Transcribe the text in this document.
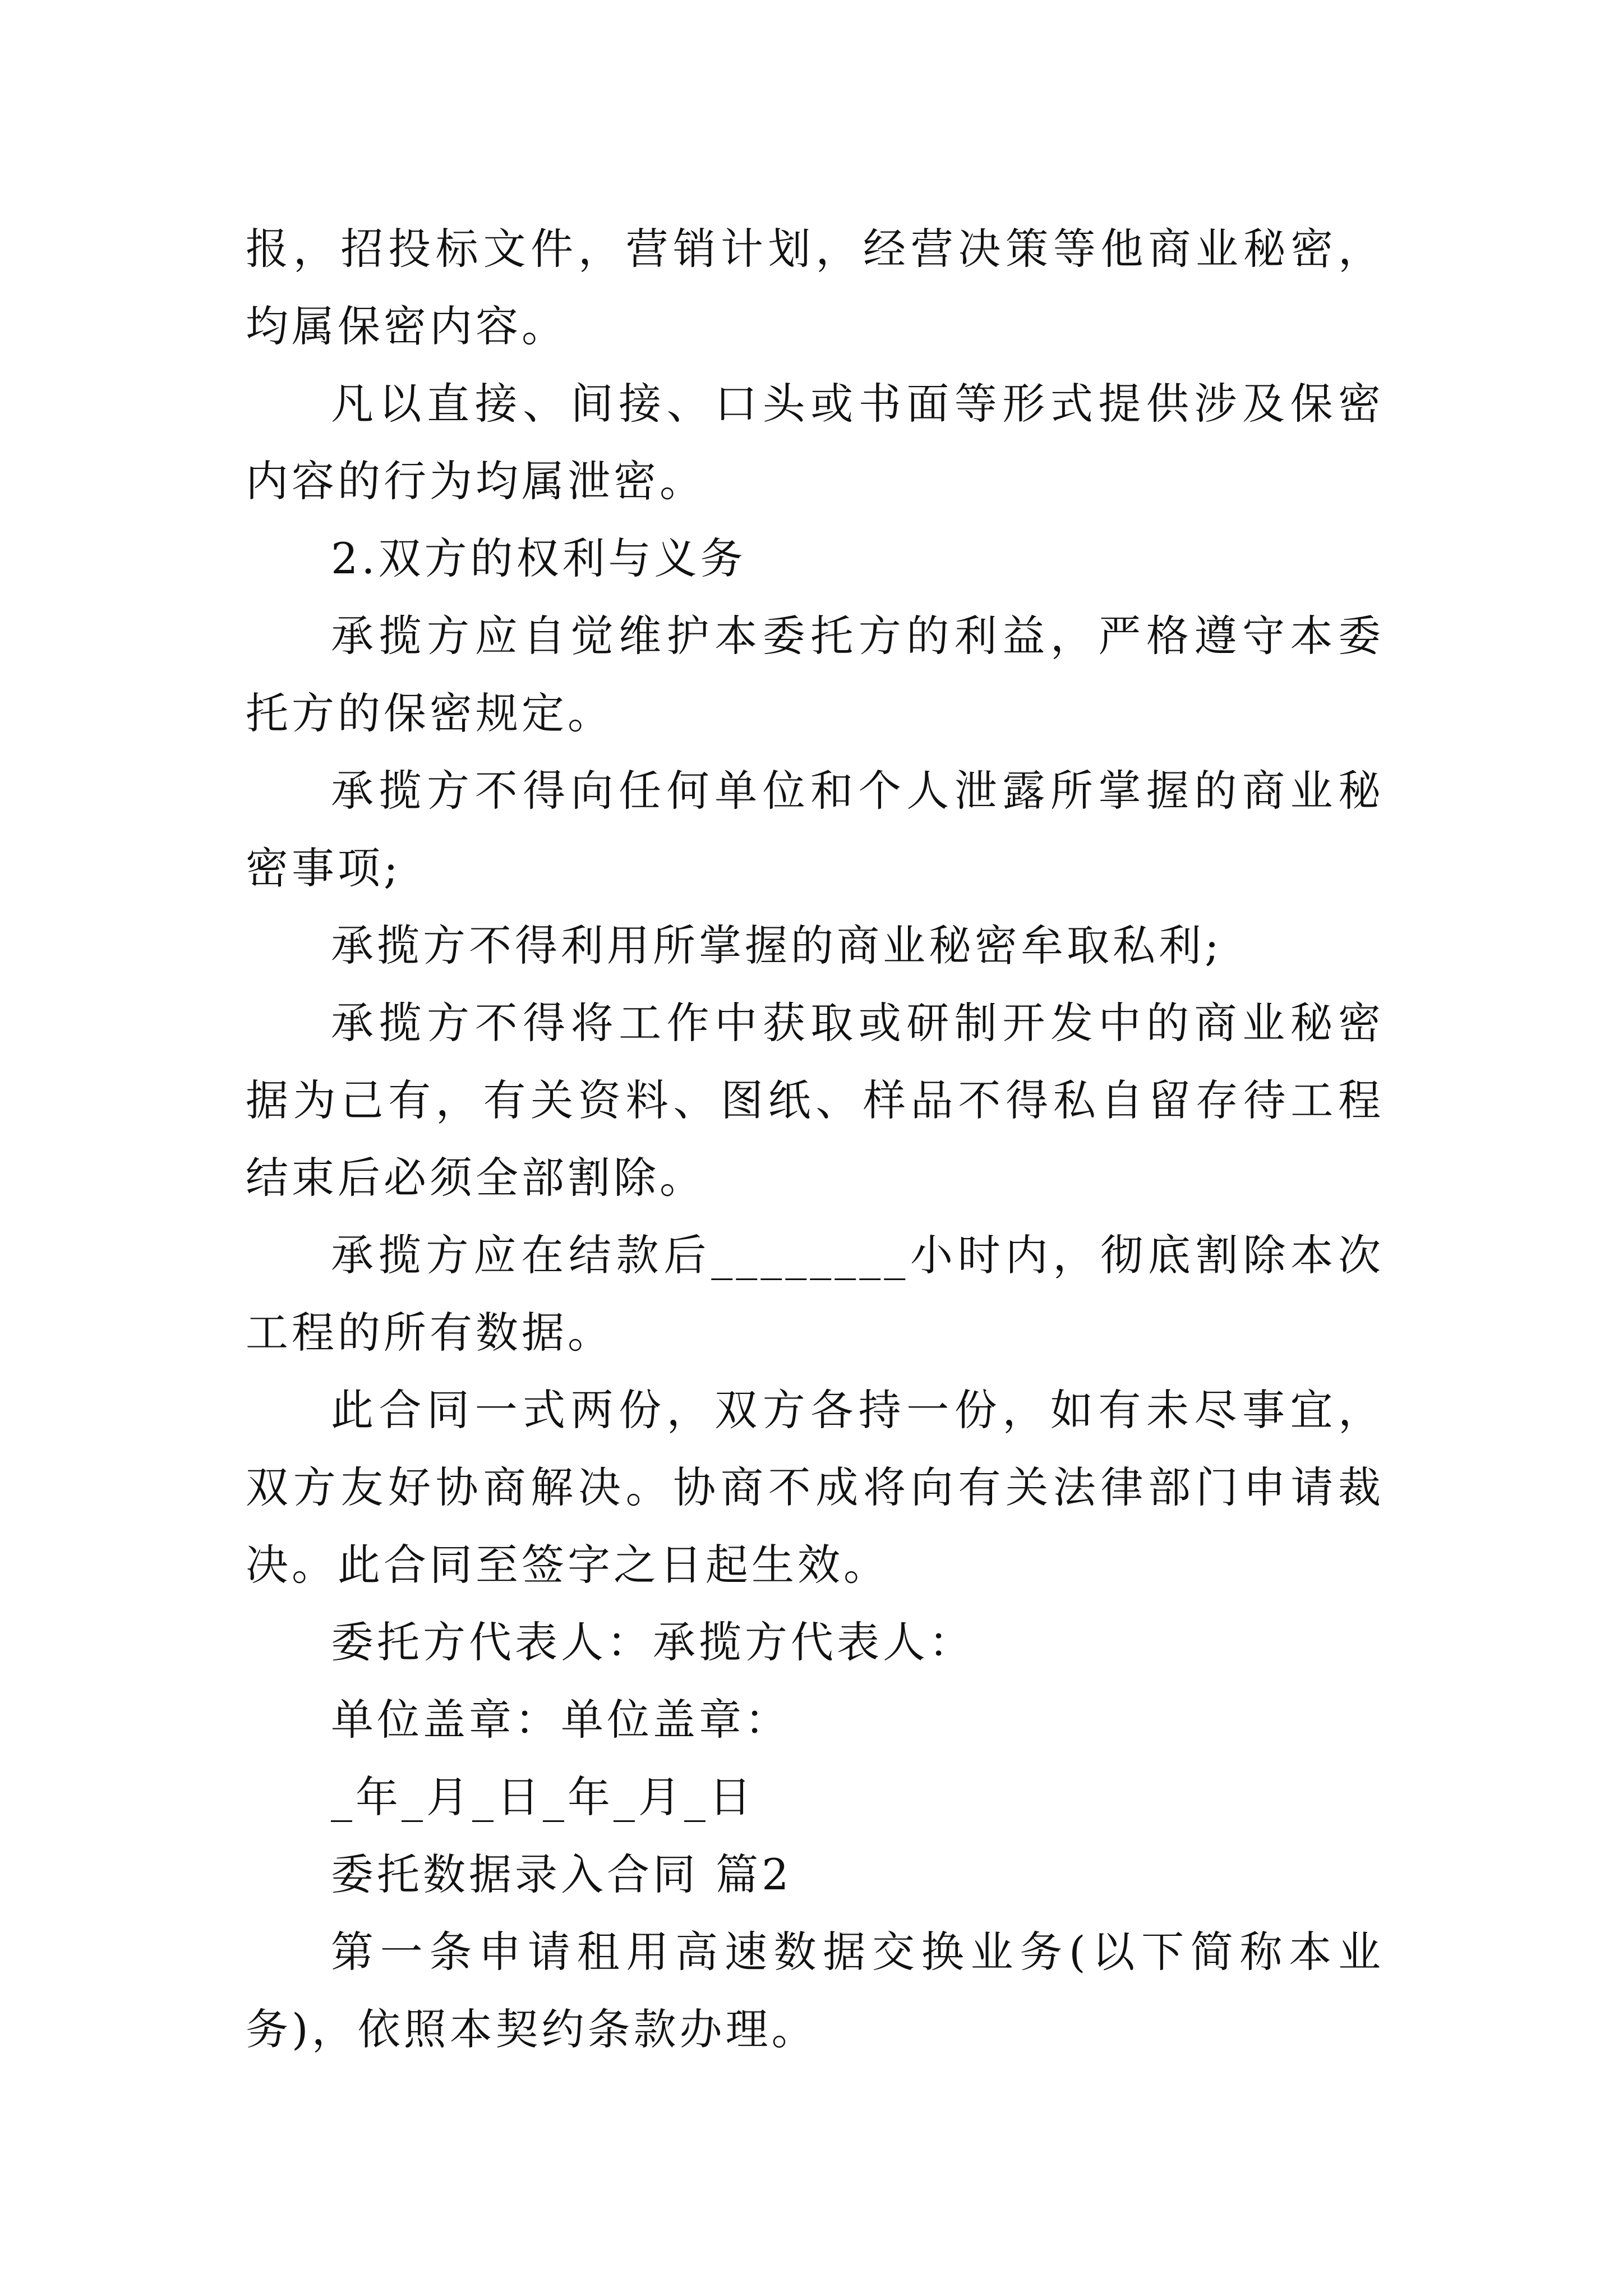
报，招投标文件，营销计划，经营决策等他商业秘密，均属保密内容。

凡以直接、间接、口头或书面等形式提供涉及保密内容的行为均属泄密。

2.双方的权利与义务

承揽方应自觉维护本委托方的利益，严格遵守本委托方的保密规定。

承揽方不得向任何单位和个人泄露所掌握的商业秘密事项;

承揽方不得利用所掌握的商业秘密牟取私利;

承揽方不得将工作中获取或研制开发中的商业秘密据为己有，有关资料、图纸、样品不得私自留存待工程结束后必须全部割除。

承揽方应在结款后________小时内，彻底割除本次工程的所有数据。

此合同一式两份，双方各持一份，如有未尽事宜，双方友好协商解决。协商不成将向有关法律部门申请裁决。此合同至签字之日起生效。

委托方代表人：承揽方代表人：

单位盖章：单位盖章：

_年_月_日_年_月_日

委托数据录入合同 篇2

第一条申请租用高速数据交换业务(以下简称本业务)，依照本契约条款办理。
